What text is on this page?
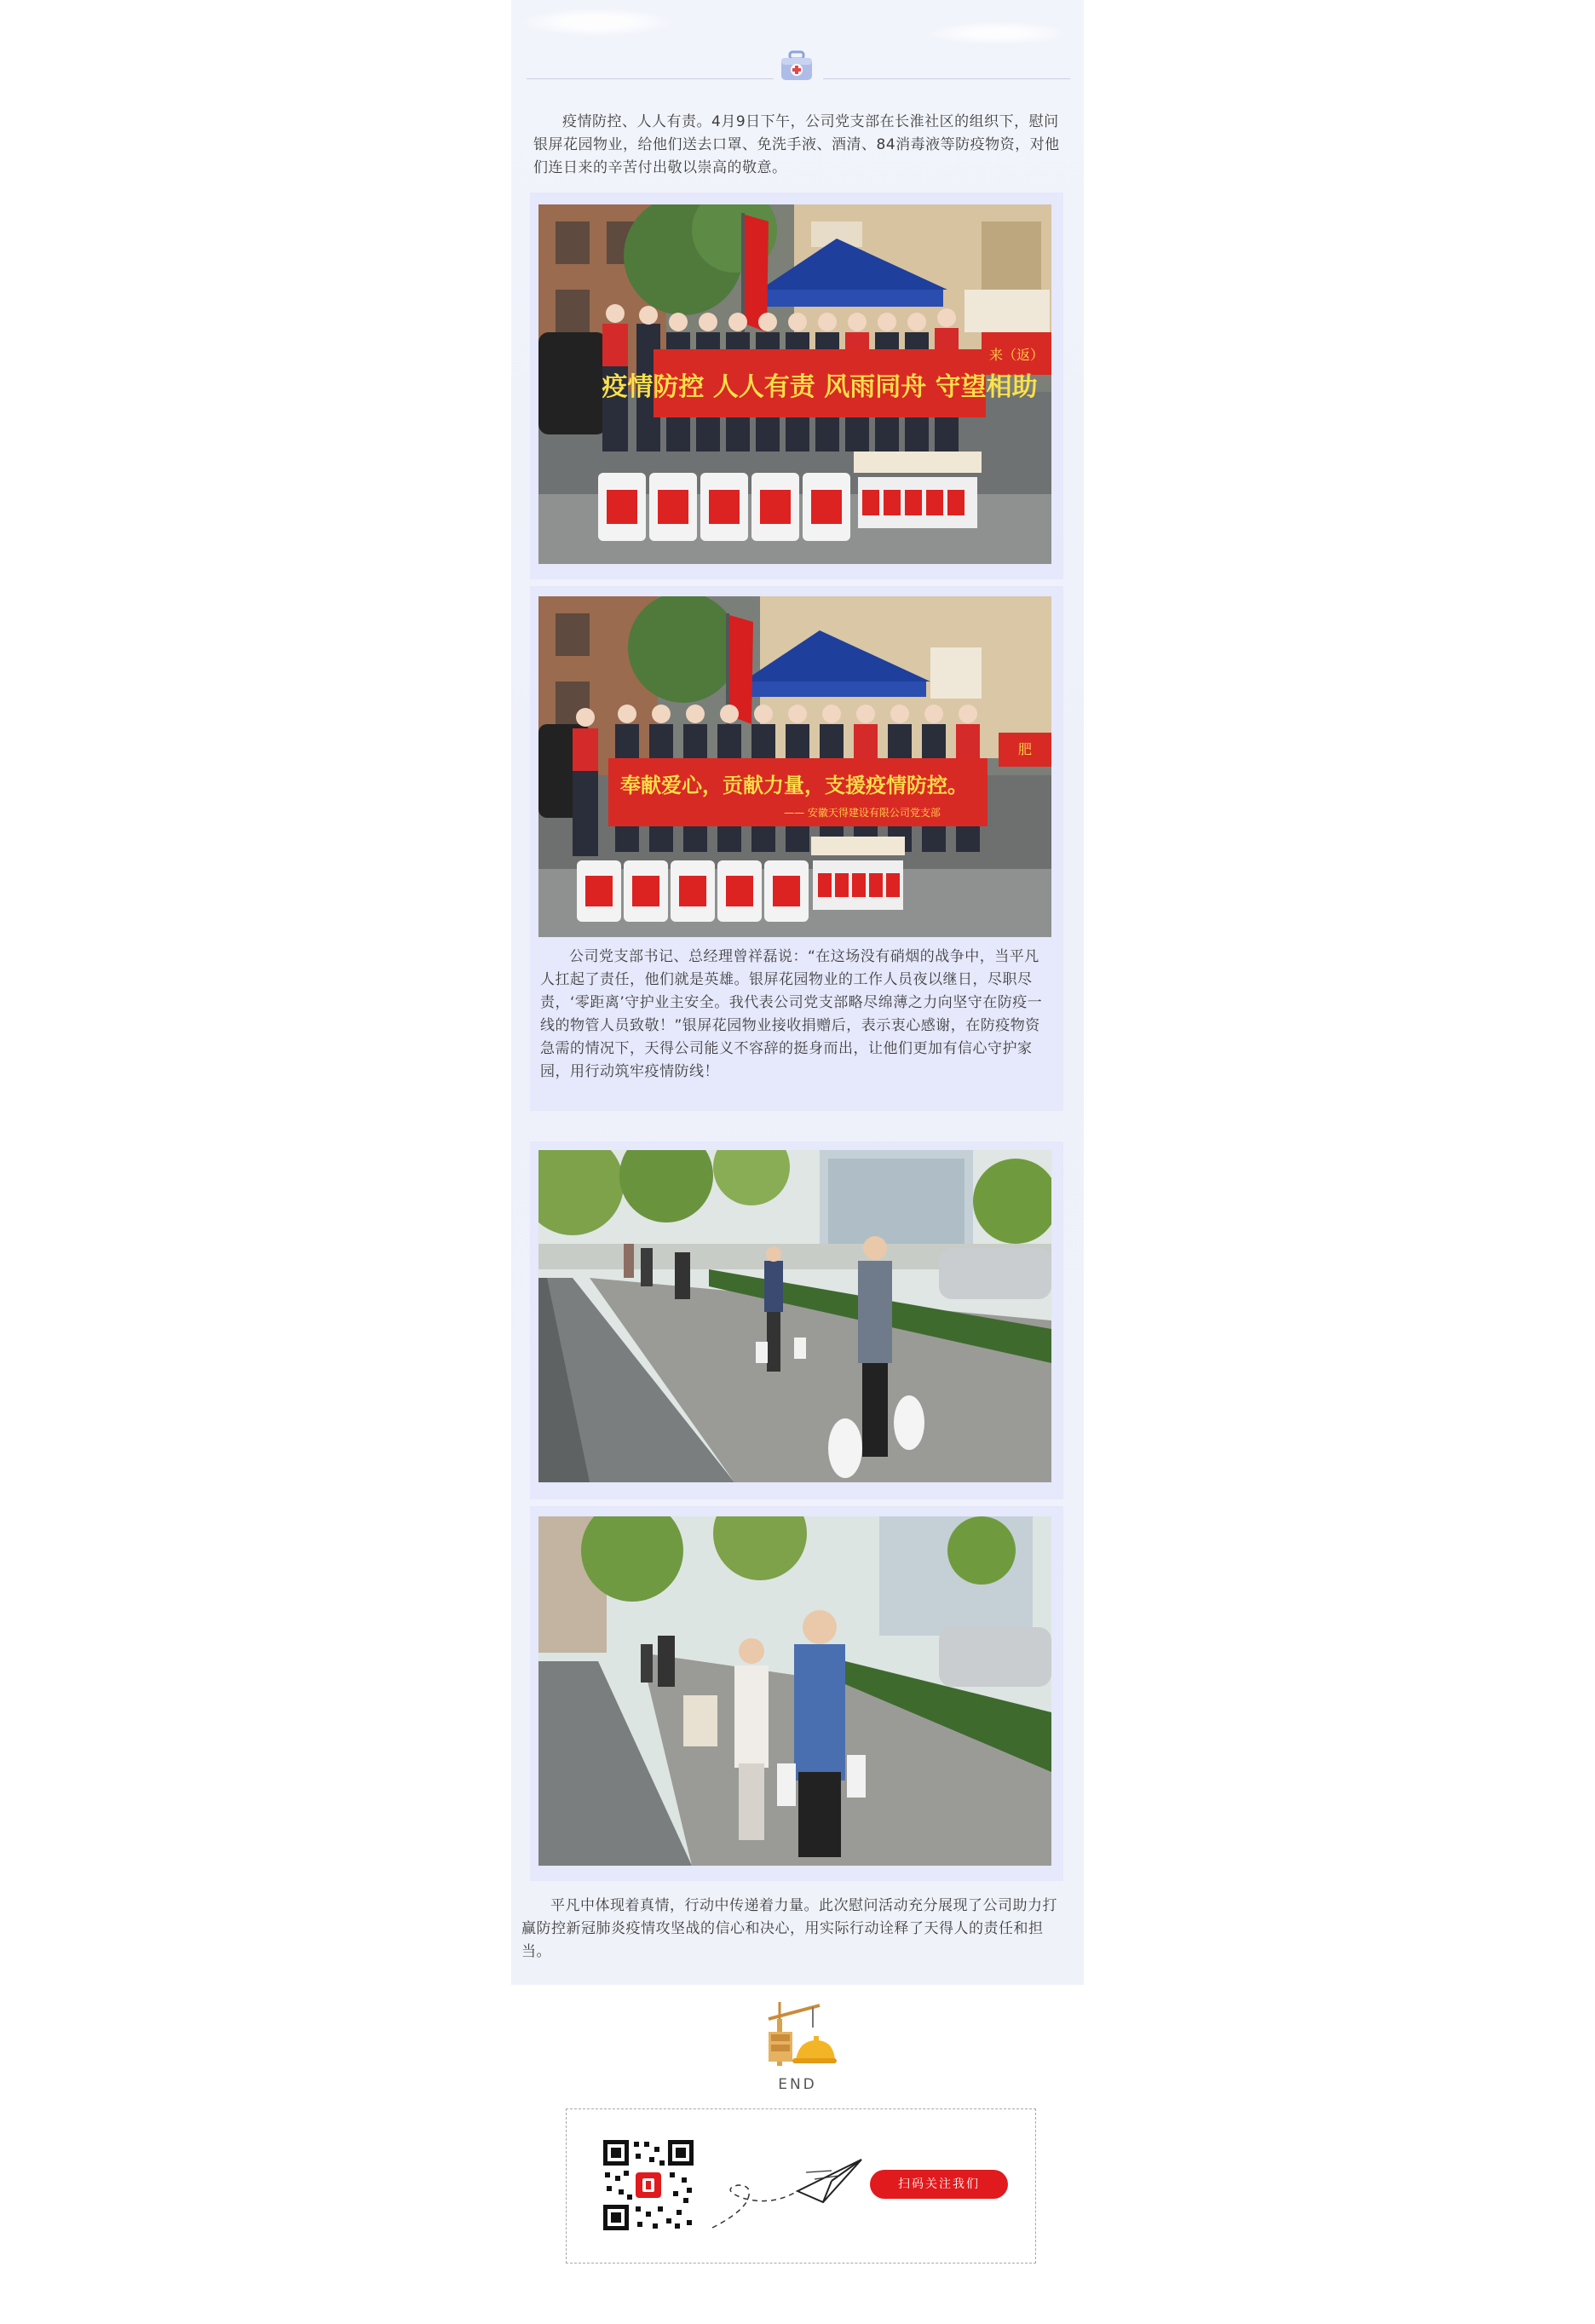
疫情防控、人人有责。4月9日下午，公司党支部在长淮社区的组织下，慰问银屏花园物业，给他们送去口罩、免洗手液、酒清、84消毒液等防疫物资，对他们连日来的辛苦付出敬以崇高的敬意。

疫情防控 人人有责 风雨同舟 守望相助
来（返）
奉献爱心，贡献力量，支援疫情防控。
—— 安徽天得建设有限公司党支部
肥

公司党支部书记、总经理曾祥磊说：“在这场没有硝烟的战争中，当平凡人扛起了责任，他们就是英雄。银屏花园物业的工作人员夜以继日，尽职尽责，‘零距离’守护业主安全。我代表公司党支部略尽绵薄之力向坚守在防疫一线的物管人员致敬！”银屏花园物业接收捐赠后，表示衷心感谢，在防疫物资急需的情况下，天得公司能义不容辞的挺身而出，让他们更加有信心守护家园，用行动筑牢疫情防线！

平凡中体现着真情，行动中传递着力量。此次慰问活动充分展现了公司助力打赢防控新冠肺炎疫情攻坚战的信心和决心，用实际行动诠释了天得人的责任和担当。

END
扫码关注我们
